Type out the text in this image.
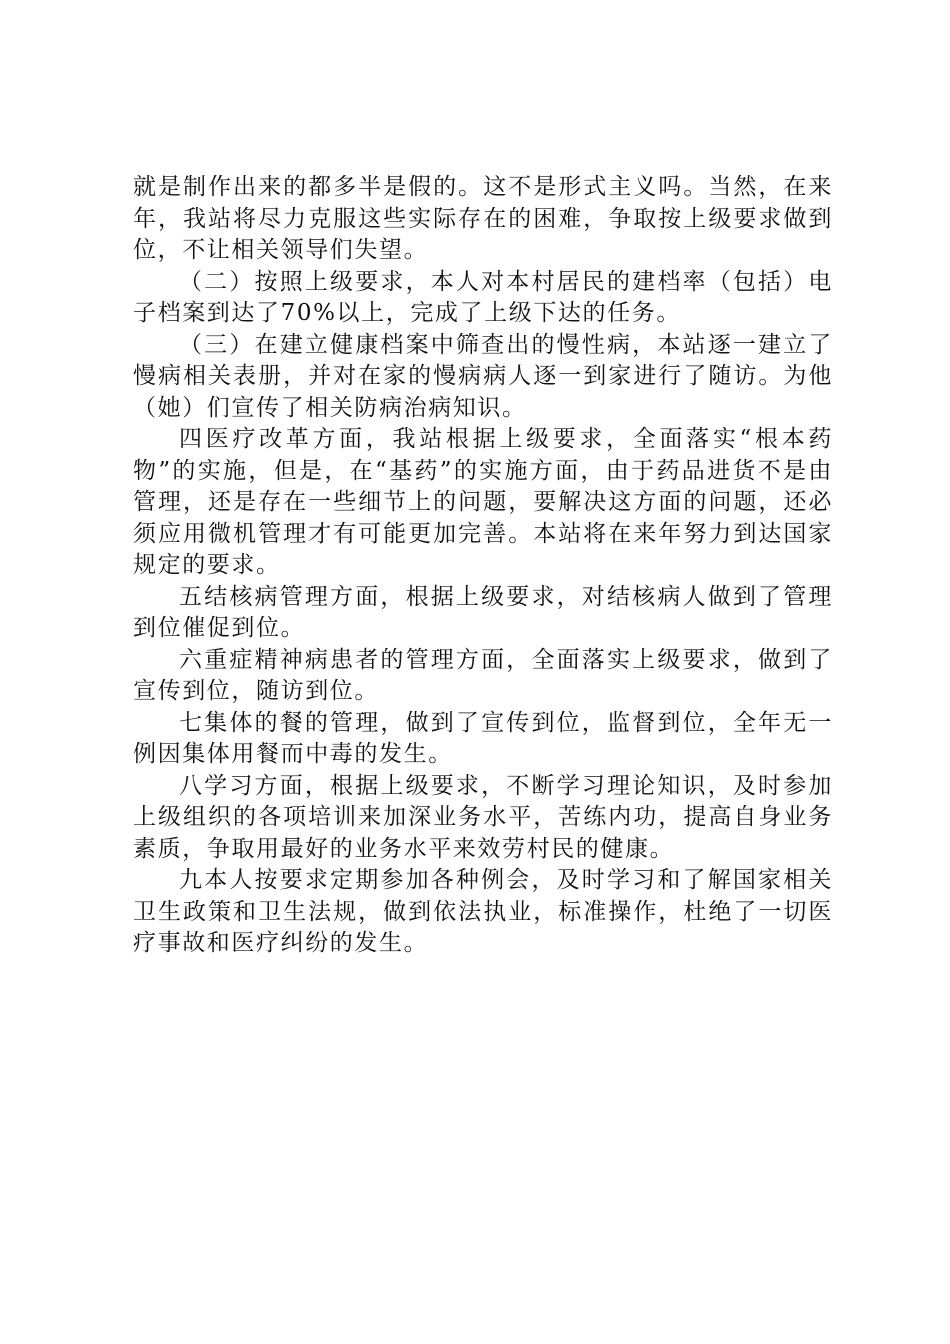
就是制作出来的都多半是假的。这不是形式主义吗。当然，在来年，我站将尽力克服这些实际存在的困难，争取按上级要求做到位，不让相关领导们失望。

（二）按照上级要求，本人对本村居民的建档率（包括）电子档案到达了70%以上，完成了上级下达的任务。

（三）在建立健康档案中筛查出的慢性病，本站逐一建立了慢病相关表册，并对在家的慢病病人逐一到家进行了随访。为他（她）们宣传了相关防病治病知识。

四医疗改革方面，我站根据上级要求，全面落实“根本药物”的实施，但是，在“基药”的实施方面，由于药品进货不是由管理，还是存在一些细节上的问题，要解决这方面的问题，还必须应用微机管理才有可能更加完善。本站将在来年努力到达国家规定的要求。

五结核病管理方面，根据上级要求，对结核病人做到了管理到位催促到位。

六重症精神病患者的管理方面，全面落实上级要求，做到了宣传到位，随访到位。

七集体的餐的管理，做到了宣传到位，监督到位，全年无一例因集体用餐而中毒的发生。

八学习方面，根据上级要求，不断学习理论知识，及时参加上级组织的各项培训来加深业务水平，苦练内功，提高自身业务素质，争取用最好的业务水平来效劳村民的健康。

九本人按要求定期参加各种例会，及时学习和了解国家相关卫生政策和卫生法规，做到依法执业，标准操作，杜绝了一切医疗事故和医疗纠纷的发生。
